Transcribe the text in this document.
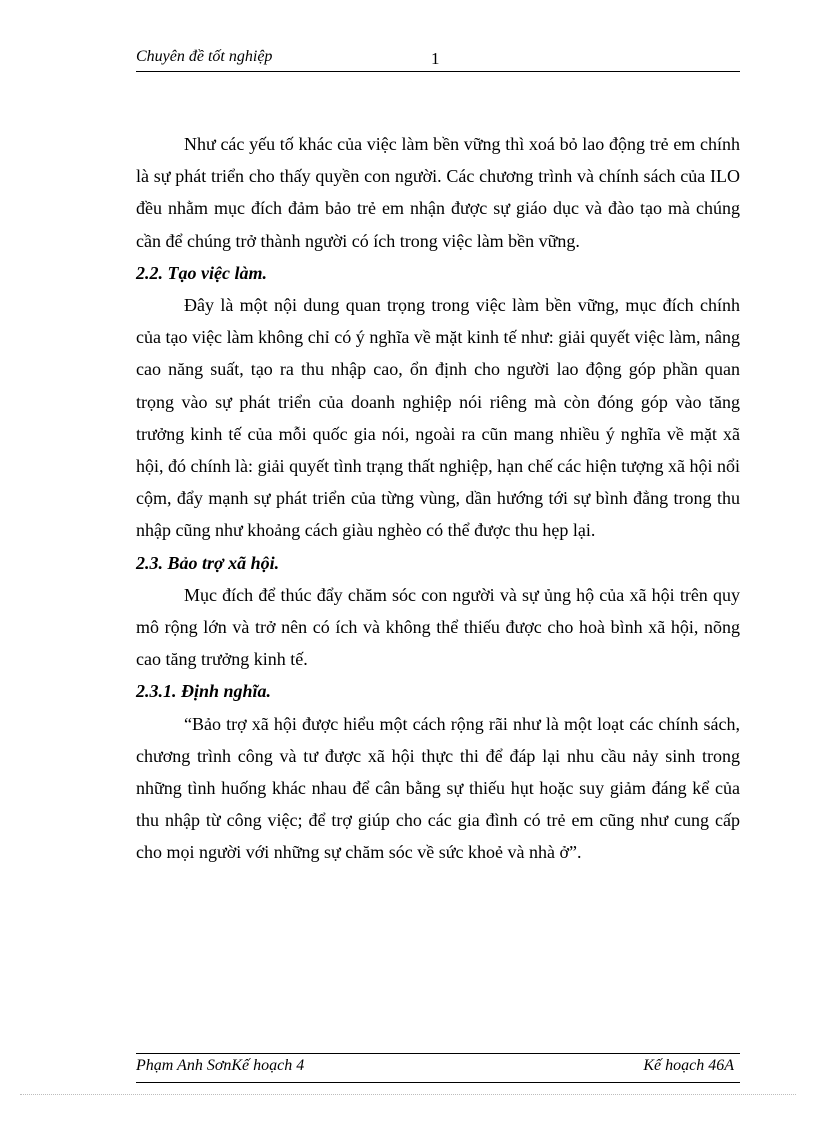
Chuyên đề tốt nghiệp	1

Như các yếu tố khác của việc làm bền vững thì xoá bỏ lao động trẻ em chính là sự phát triển cho thấy quyền con người. Các chương trình và chính sách của ILO đều nhằm mục đích đảm bảo trẻ em nhận được sự giáo dục và đào tạo mà chúng cần để chúng trở thành người có ích trong việc làm bền vững.

2.2. Tạo việc làm.

Đây là một nội dung quan trọng trong việc làm bền vững, mục đích chính của tạo việc làm không chỉ có ý nghĩa về mặt kinh tế như: giải quyết việc làm, nâng cao năng suất, tạo ra thu nhập cao, ổn định cho người lao động góp phần quan trọng vào sự phát triển của doanh nghiệp nói riêng mà còn đóng góp vào tăng trưởng kinh tế của mỗi quốc gia nói, ngoài ra cũn mang nhiều ý nghĩa về mặt xã hội, đó chính là: giải quyết tình trạng thất nghiệp, hạn chế các hiện tượng xã hội nổi cộm, đẩy mạnh sự phát triển của từng vùng, dần hướng tới sự bình đẳng trong thu nhập cũng như khoảng cách giàu nghèo có thể được thu hẹp lại.

2.3. Bảo trợ xã hội.

Mục đích để thúc đẩy chăm sóc con người và sự ủng hộ của xã hội trên quy mô rộng lớn và trở nên có ích và không thể thiếu được cho hoà bình xã hội, nõng cao tăng trưởng kinh tế.

2.3.1. Định nghĩa.

“Bảo trợ xã hội được hiểu một cách rộng rãi như là một loạt các chính sách, chương trình công và tư được xã hội thực thi để đáp lại nhu cầu nảy sinh trong những tình huống khác nhau để cân bằng sự thiếu hụt hoặc suy giảm đáng kể của thu nhập từ công việc; để trợ giúp cho các gia đình có trẻ em cũng như cung cấp cho mọi người với những sự chăm sóc về sức khoẻ và nhà ở”.

Phạm Anh SơnKế hoạch 4	Kế hoạch 46A
